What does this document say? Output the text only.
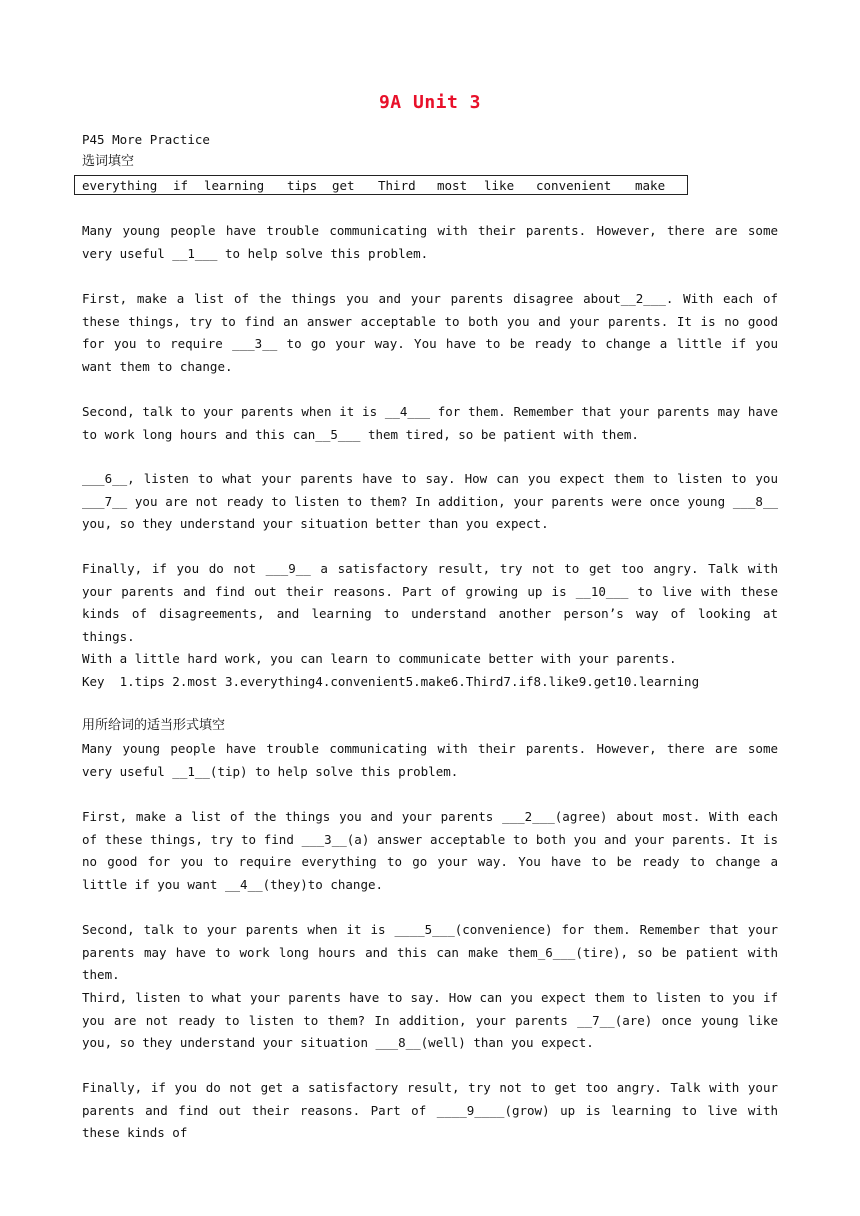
9A Unit 3
P45 More Practice
选词填空
everything if learning tips get Third most like convenient make

Many young people have trouble communicating with their parents. However, there are some very useful __1___ to help solve this problem.

First, make a list of the things you and your parents disagree about__2___. With each of these things, try to find an answer acceptable to both you and your parents. It is no good for you to require ___3__ to go your way. You have to be ready to change a little if you want them to change.

Second, talk to your parents when it is __4___ for them. Remember that your parents may have to work long hours and this can__5___ them tired, so be patient with them.

___6__, listen to what your parents have to say. How can you expect them to listen to you ___7__ you are not ready to listen to them? In addition, your parents were once young ___8__ you, so they understand your situation better than you expect.

Finally, if you do not ___9__ a satisfactory result, try not to get too angry. Talk with your parents and find out their reasons. Part of growing up is __10___ to live with these kinds of disagreements, and learning to understand another person’s way of looking at things.

With a little hard work, you can learn to communicate better with your parents.

Key  1.tips 2.most 3.everything4.convenient5.make6.Third7.if8.like9.get10.learning
用所给词的适当形式填空

Many young people have trouble communicating with their parents. However, there are some very useful __1__(tip) to help solve this problem.

First, make a list of the things you and your parents ___2___(agree) about most. With each of these things, try to find ___3__(a) answer acceptable to both you and your parents. It is no good for you to require everything to go your way. You have to be ready to change a little if you want __4__(they)to change.

Second, talk to your parents when it is ____5___(convenience) for them. Remember that your parents may have to work long hours and this can make them_6___(tire), so be patient with them.

Third, listen to what your parents have to say. How can you expect them to listen to you if you are not ready to listen to them? In addition, your parents __7__(are) once young like you, so they understand your situation ___8__(well) than you expect.

Finally, if you do not get a satisfactory result, try not to get too angry. Talk with your parents and find out their reasons. Part of ____9____(grow) up is learning to live with these kinds of
